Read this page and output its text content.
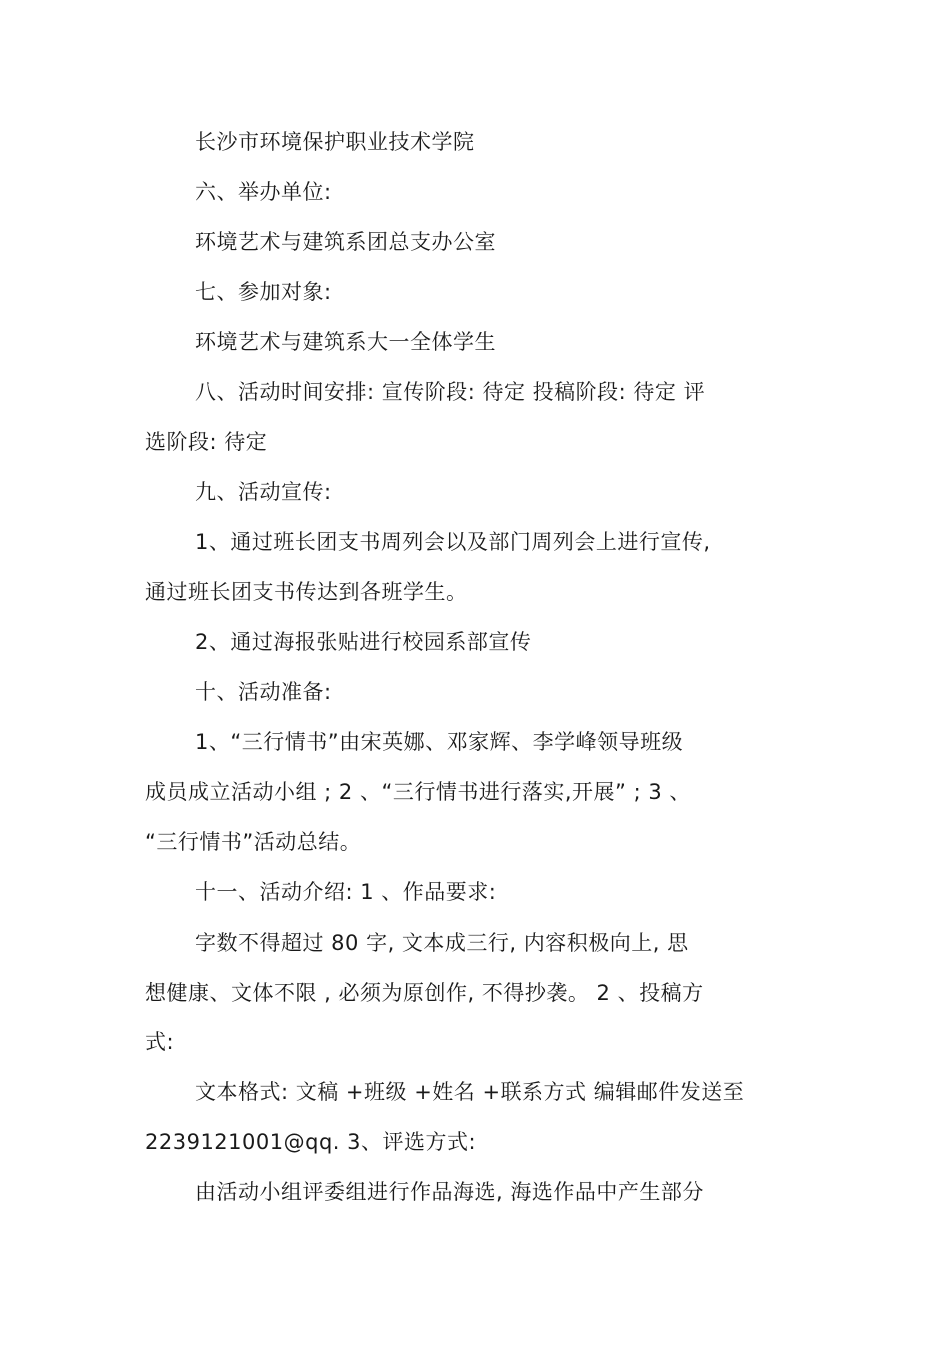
长沙市环境保护职业技术学院
六、举办单位:
环境艺术与建筑系团总支办公室
七、参加对象:
环境艺术与建筑系大一全体学生
八、活动时间安排: 宣传阶段: 待定 投稿阶段: 待定 评
选阶段: 待定
九、活动宣传:
1、通过班长团支书周列会以及部门周列会上进行宣传,
通过班长团支书传达到各班学生。
2、通过海报张贴进行校园系部宣传
十、活动准备:
1、“三行情书”由宋英娜、邓家辉、李学峰领导班级
成员成立活动小组 ; 2 、“三行情书进行落实,开展” ; 3 、
“三行情书”活动总结。
十一、活动介绍: 1 、作品要求:
字数不得超过 80 字, 文本成三行, 内容积极向上, 思
想健康、文体不限 , 必须为原创作, 不得抄袭。 2 、投稿方
式:
文本格式: 文稿 +班级 +姓名 +联系方式 编辑邮件发送至
2239121001@qq. 3、评选方式:
由活动小组评委组进行作品海选, 海选作品中产生部分
